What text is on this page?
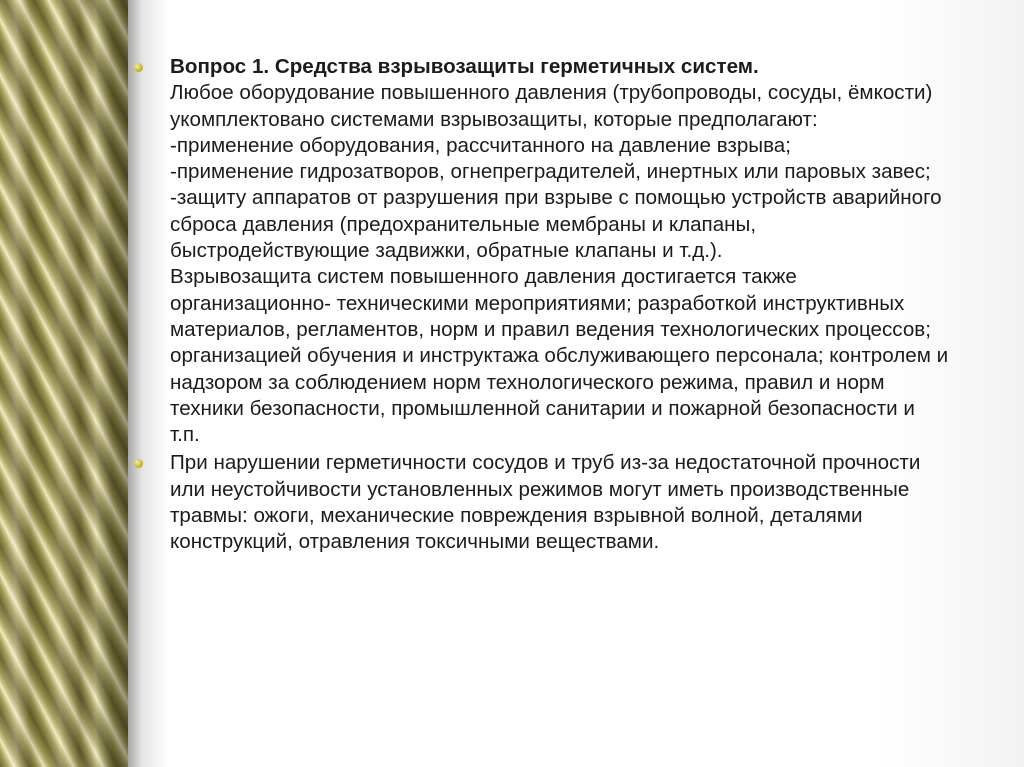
Вопрос 1. Средства взрывозащиты герметичных систем.
Любое оборудование повышенного давления (трубопроводы, сосуды, ёмкости)
укомплектовано системами взрывозащиты, которые предполагают:
-применение оборудования, рассчитанного на давление взрыва;
-применение гидрозатворов, огнепреградителей, инертных или паровых завес;
-защиту аппаратов от разрушения при взрыве с помощью устройств аварийного
сброса давления (предохранительные мембраны и клапаны,
быстродействующие задвижки, обратные клапаны и т.д.).
Взрывозащита систем повышенного давления достигается также
организационно- техническими мероприятиями; разработкой инструктивных
материалов, регламентов, норм и правил ведения технологических процессов;
организацией обучения и инструктажа обслуживающего персонала; контролем и
надзором за соблюдением норм технологического режима, правил и норм
техники безопасности, промышленной санитарии и пожарной безопасности и
т.п.
При нарушении герметичности сосудов и труб из-за недостаточной прочности
или неустойчивости установленных режимов могут иметь производственные
травмы: ожоги, механические повреждения взрывной волной, деталями
конструкций, отравления токсичными веществами.
